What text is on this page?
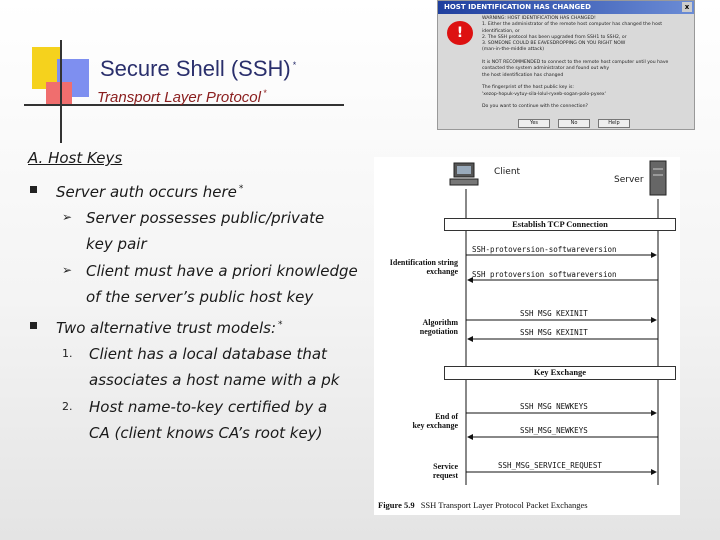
Secure Shell (SSH) *
Transport Layer Protocol *
A. Host Keys
Server auth occurs here *
➢ Server possesses public/private
key pair
➢ Client must have a priori knowledge
of the server’s public host key
Two alternative trust models: *
1. Client has a local database that
associates a host name with a pk
2. Host name-to-key certified by a
CA (client knows CA’s root key)
HOST IDENTIFICATION HAS CHANGED	x
!
WARNING: HOST IDENTIFICATION HAS CHANGED!
1. Either the administrator of the remote host computer has changed the host identification, or
2. The SSH protocol has been upgraded from SSH1 to SSH2, or
3. SOMEONE COULD BE EAVESDROPPING ON YOU RIGHT NOW
(man-in-the-middle attack)

It is NOT RECOMMENDED to connect to the remote host computer until you have
contacted the system administrator and found out why
the host identification has changed

The fingerprint of the host public key is:
'xezop-hopuk-vytuy-sila-lolul-ryxeb-sogan-polo-pyxex'

Do you want to continue with the connection?
Yes	No	Help
Client
Server
Establish TCP Connection
Key Exchange
SSH-protoversion-softwareversion
SSH protoversion softwareversion
SSH MSG KEXINIT
SSH MSG KEXINIT
SSH MSG NEWKEYS
SSH_MSG_NEWKEYS
SSH_MSG_SERVICE_REQUEST
Identification string
exchange
Algorithm
negotiation
End of
key exchange
Service
request
Figure 5.9 SSH Transport Layer Protocol Packet Exchanges
